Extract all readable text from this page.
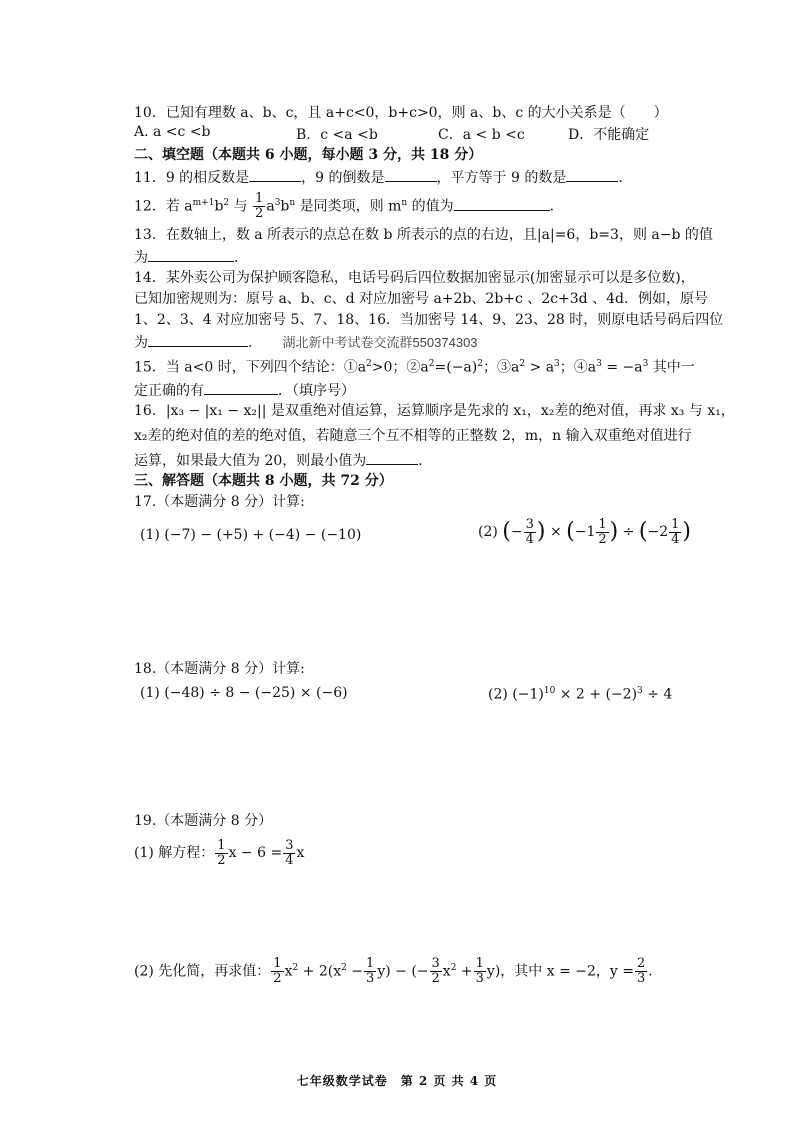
10．已知有理数 a、b、c，且 a+c<0，b+c>0，则 a、b、c 的大小关系是（　　）
A. a <c <b	B．c <a <b	C．a < b <c	D．不能确定
二、填空题（本题共 6 小题，每小题 3 分，共 18 分）
11．9 的相反数是	，9 的倒数是	，平方等于 9 的数是	.
12．若 $a^{m+1}b^2$ 与 $\frac{1}{2} a^3b^n$ 是同类项，则 $m^n$ 的值为	.
13．在数轴上，数 a 所表示的点总在数 b 所表示的点的右边，且|a|=6，b=3，则 a−b 的值
为	.
14．某外卖公司为保护顾客隐私，电话号码后四位数据加密显示(加密显示可以是多位数)，
已知加密规则为：原号 a、b、c、d 对应加密号 a+2b、2b+c 、2c+3d 、4d．例如，原号
1、2、3、4 对应加密号 5、7、18、16．当加密号 14、9、23、28 时，则原电话号码后四位
为	． 湖北新中考试卷交流群550374303
15．当 a<0 时，下列四个结论：$①a^2>0$；$②a^2=(-a)^2$；$③a^2 > a^3$；$④a^3 = -a^3$ 其中一
定正确的有	．（填序号）
16．|x₃ − |x₁ − x₂|| 是双重绝对值运算，运算顺序是先求的 x₁，x₂差的绝对值，再求 x₃ 与 x₁，
x₂差的绝对值的差的绝对值，若随意三个互不相等的正整数 2，m，n 输入双重绝对值进行
运算，如果最大值为 20，则最小值为	．
三、解答题（本题共 8 小题，共 72 分）
17.（本题满分 8 分）计算:
(1) (−7) − (+5) + (−4) − (−10)	(2) (− $\frac{3}{4}$ ) × ($-1 \frac{1}{2}$ ) ÷ ($-2 \frac{1}{4}$ )
18.（本题满分 8 分）计算:
(1) (−48) ÷ 8 − (−25) × (−6)	(2) $(-1)^{10} \times 2 + (-2)^3 \div 4$
19.（本题满分 8 分）
(1) 解方程： $\frac{1}{2}$ $x - 6 = \frac{3}{4}$ x
(2) 先化简，再求值： $\frac{1}{2} x^2 + 2(x^2 - \frac{1}{3} y)$ − (− $\frac{3}{2} x^2 + \frac{1}{3} y$)，其中 x = −2，$y = \frac{2}{3}$ .
七年级数学试卷　第 2 页 共 4 页
